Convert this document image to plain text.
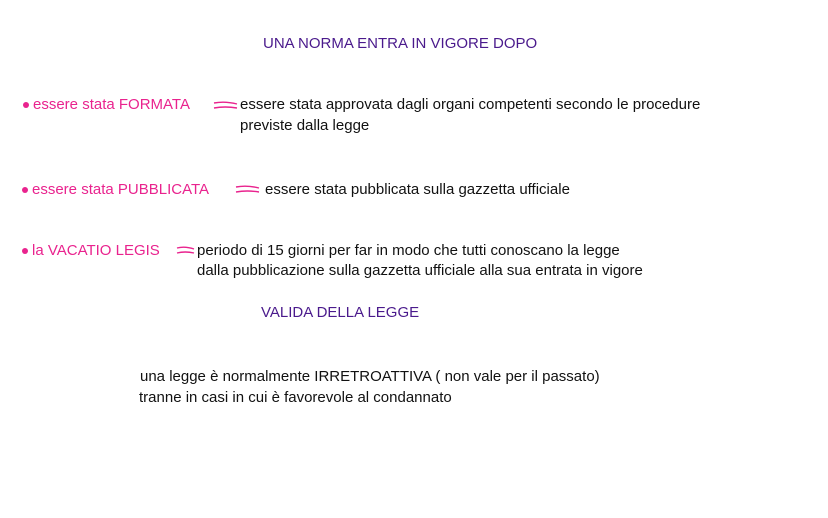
UNA NORMA ENTRA IN VIGORE DOPO
essere stata FORMATA	essere stata approvata dagli organi competenti secondo le procedure
previste dalla legge
essere stata PUBBLICATA	essere stata pubblicata sulla gazzetta ufficiale
la VACATIO LEGIS periodo di 15 giorni per far in modo che tutti conoscano la legge
dalla pubblicazione sulla gazzetta ufficiale alla sua entrata in vigore
VALIDA DELLA LEGGE
una legge è normalmente IRRETROATTIVA ( non vale per il passato)
tranne in casi in cui è favorevole al condannato
